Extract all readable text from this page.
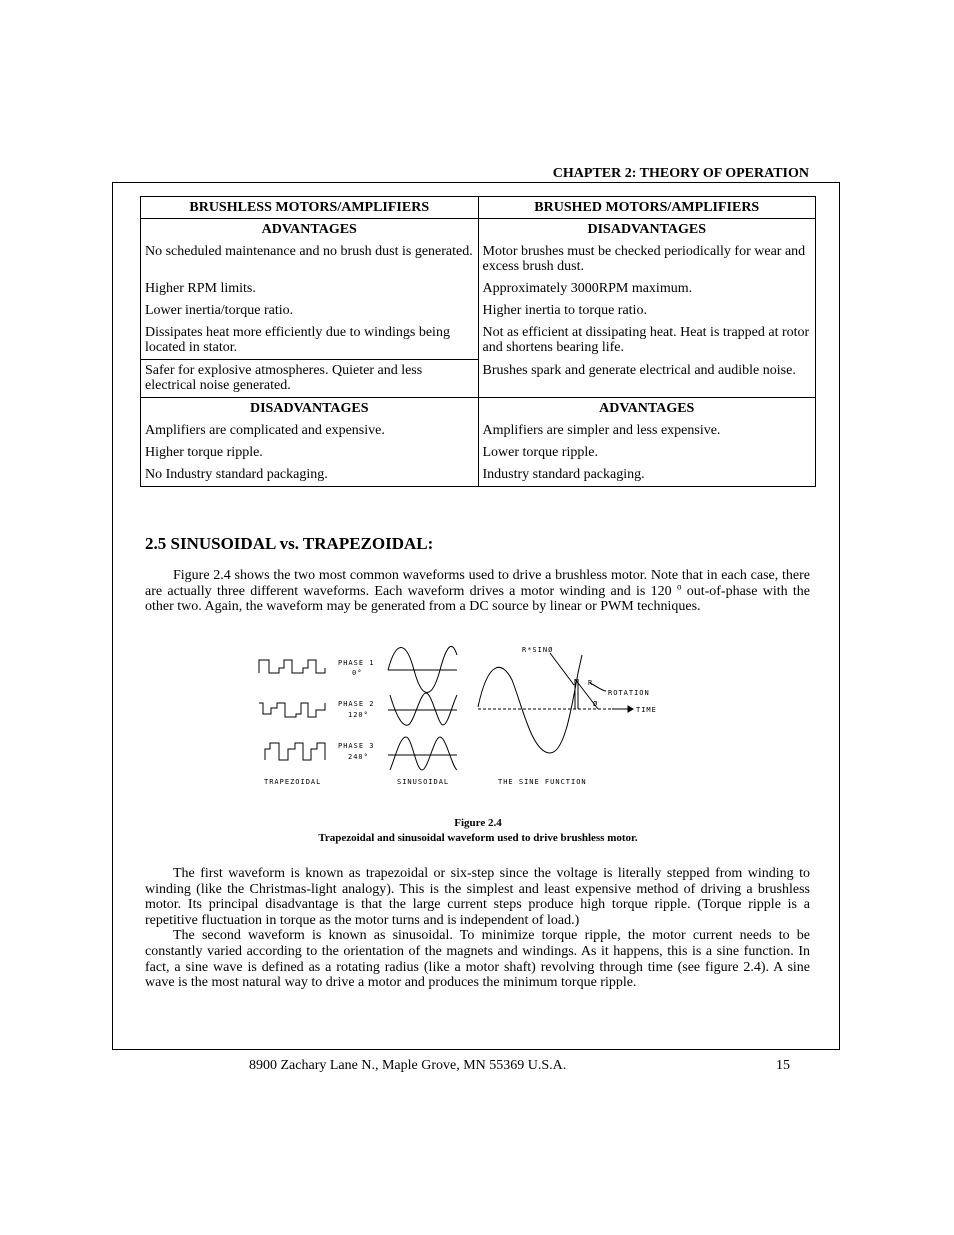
CHAPTER 2: THEORY OF OPERATION
BRUSHLESS MOTORS/AMPLIFIERS	BRUSHED MOTORS/AMPLIFIERS
ADVANTAGES	DISADVANTAGES
No scheduled maintenance and no brush dust is generated.	Motor brushes must be checked periodically for wear and excess brush dust.
Higher RPM limits.	Approximately 3000RPM maximum.
Lower inertia/torque ratio.	Higher inertia to torque ratio.
Dissipates heat more efficiently due to windings being located in stator.	Not as efficient at dissipating heat. Heat is trapped at rotor and shortens bearing life.
Safer for explosive atmospheres. Quieter and less electrical noise generated.	Brushes spark and generate electrical and audible noise.
DISADVANTAGES	ADVANTAGES
Amplifiers are complicated and expensive.	Amplifiers are simpler and less expensive.
Higher torque ripple.	Lower torque ripple.
No Industry standard packaging.	Industry standard packaging.
2.5 SINUSOIDAL vs. TRAPEZOIDAL:

Figure 2.4 shows the two most common waveforms used to drive a brushless motor. Note that in each case, there are actually three different waveforms. Each waveform drives a motor winding and is 120 $^o$ out-of-phase with the other two. Again, the waveform may be generated from a DC source by linear or PWM techniques.

PHASE 1
0°
PHASE 2
120°
PHASE 3
240°
TRAPEZOIDAL	SINUSOIDAL	THE SINE FUNCTION
R*SINØ
R
ROTATION
TIME
Ø
Figure 2.4
Trapezoidal and sinusoidal waveform used to drive brushless motor.

The first waveform is known as trapezoidal or six-step since the voltage is literally stepped from winding to winding (like the Christmas-light analogy). This is the simplest and least expensive method of driving a brushless motor. Its principal disadvantage is that the large current steps produce high torque ripple. (Torque ripple is a repetitive fluctuation in torque as the motor turns and is independent of load.)

The second waveform is known as sinusoidal. To minimize torque ripple, the motor current needs to be constantly varied according to the orientation of the magnets and windings. As it happens, this is a sine function. In fact, a sine wave is defined as a rotating radius (like a motor shaft) revolving through time (see figure 2.4). A sine wave is the most natural way to drive a motor and produces the minimum torque ripple.

8900 Zachary Lane N., Maple Grove, MN 55369 U.S.A.	15
